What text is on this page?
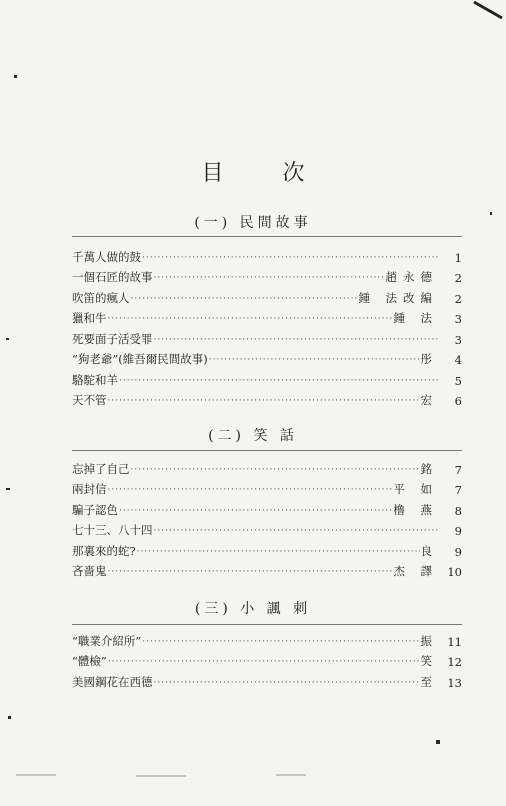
目 次
(一) 民間故事
千萬人做的鼓 ·····	1
一個石匠的故事 ·····	趙永德	2
吹笛的瘋人 ·····	鍾 法改編	2
獵和牛 ·····	鍾 法	3
死要面子活受罪 ·····	3
“狗老爺”(維吾爾民間故事) ·····	彤	4
駱駝和羊 ·····	5
天不管 ·····	宏	6
(二) 笑 話
忘掉了自己 ·····	銘	7
兩封信 ·····	平 如	7
騙子認色 ·····	橹 燕	8
七十三、八十四 ·····	9
那裏來的蛇? ·····	良	9
吝嗇鬼 ·····	杰 譯 10
(三) 小 諷 刺
“職業介紹所” ·····	振 11
“體檢” ·····	笑 12
美國鋼花在西德 ·····	至 13
